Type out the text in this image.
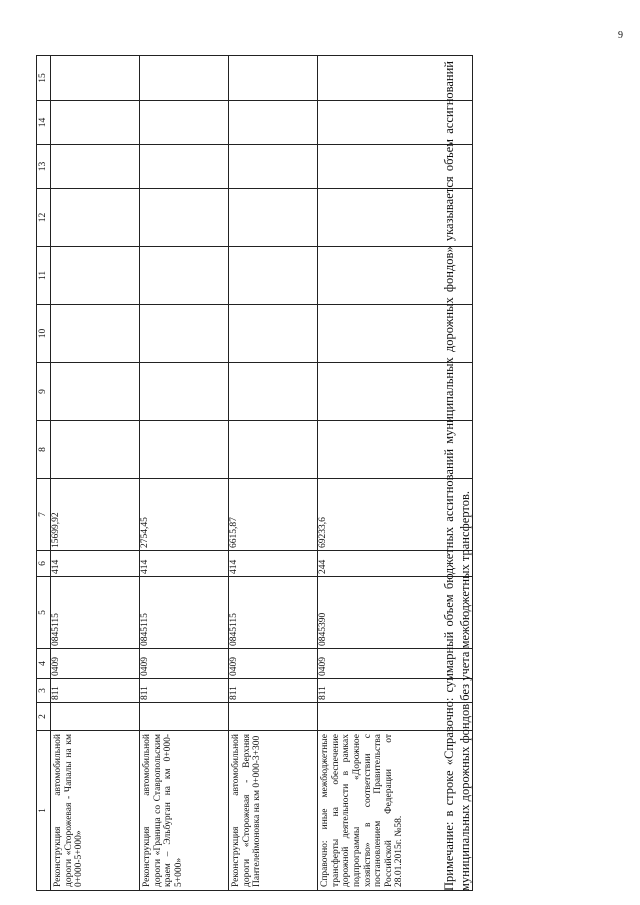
9
1	2	3	4	5	6	7	8	9	10	11	12	13	14	15
Реконструкция автомобильной дороги «Сторожевая - Чапалы на км 0+000-5+000»		811	0409	0845115	414	15699,92								
Реконструкция автомобильной дороги «Граница со Ставропольским краем – Эльбурган на км 0+000-5+000»		811	0409	0845115	414	2754,45								
Реконструкция автомобильной дороги «Сторожевая - Верхняя Пантелеймоновка на км 0+000-3+300		811	0409	0845115	414	6615,87								
Справочно: иные межбюджетные трансферты на обеспечение дорожной деятельности в рамках подпрограммы «Дорожное хозяйство» в соответствии с постановлением Правительства Российской Федерации от 28.01.2015г. №58.		811	0409	0845390	244	69233,6									Примечание: в строке «Справочно: суммарный объем бюджетных ассигнований муниципальных дорожных фондов» указывается объем ассигнований муниципальных дорожных фондов без учета межбюджетных трансфертов.
